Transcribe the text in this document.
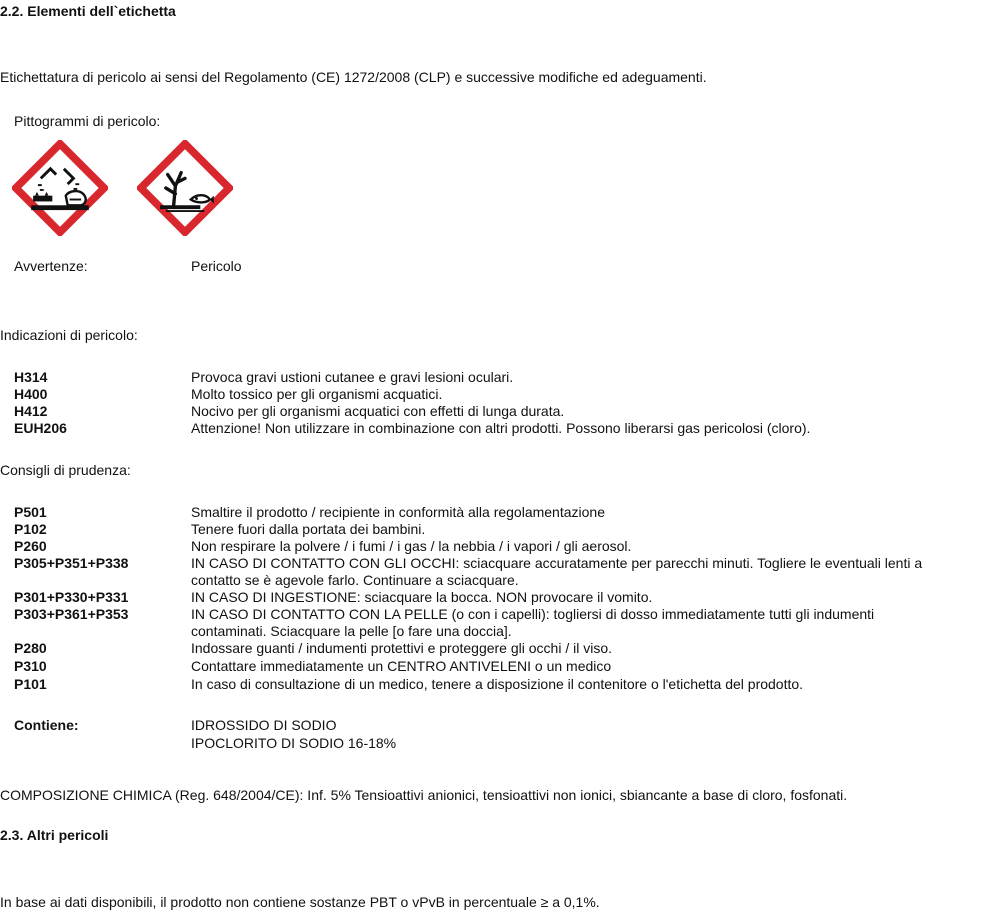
2.2. Elementi dell`etichetta
Etichettatura di pericolo ai sensi del Regolamento (CE) 1272/2008 (CLP) e successive modifiche ed adeguamenti.
Pittogrammi di pericolo:
Avvertenze:	Pericolo
Indicazioni di pericolo:
H314	Provoca gravi ustioni cutanee e gravi lesioni oculari.
H400	Molto tossico per gli organismi acquatici.
H412	Nocivo per gli organismi acquatici con effetti di lunga durata.
EUH206	Attenzione! Non utilizzare in combinazione con altri prodotti. Possono liberarsi gas pericolosi (cloro).
Consigli di prudenza:
P501	Smaltire il prodotto / recipiente in conformità alla regolamentazione
P102	Tenere fuori dalla portata dei bambini.
P260	Non respirare la polvere / i fumi / i gas / la nebbia / i vapori / gli aerosol.
P305+P351+P338	IN CASO DI CONTATTO CON GLI OCCHI: sciacquare accuratamente per parecchi minuti. Togliere le eventuali lenti a
contatto se è agevole farlo. Continuare a sciacquare.
P301+P330+P331	IN CASO DI INGESTIONE: sciacquare la bocca. NON provocare il vomito.
P303+P361+P353	IN CASO DI CONTATTO CON LA PELLE (o con i capelli): togliersi di dosso immediatamente tutti gli indumenti
contaminati. Sciacquare la pelle [o fare una doccia].
P280	Indossare guanti / indumenti protettivi e proteggere gli occhi / il viso.
P310	Contattare immediatamente un CENTRO ANTIVELENI o un medico
P101	In caso di consultazione di un medico, tenere a disposizione il contenitore o l'etichetta del prodotto.
Contiene:	IDROSSIDO DI SODIO
IPOCLORITO DI SODIO 16-18%
COMPOSIZIONE CHIMICA (Reg. 648/2004/CE): Inf. 5% Tensioattivi anionici, tensioattivi non ionici, sbiancante a base di cloro, fosfonati.
2.3. Altri pericoli
In base ai dati disponibili, il prodotto non contiene sostanze PBT o vPvB in percentuale ≥ a 0,1%.
